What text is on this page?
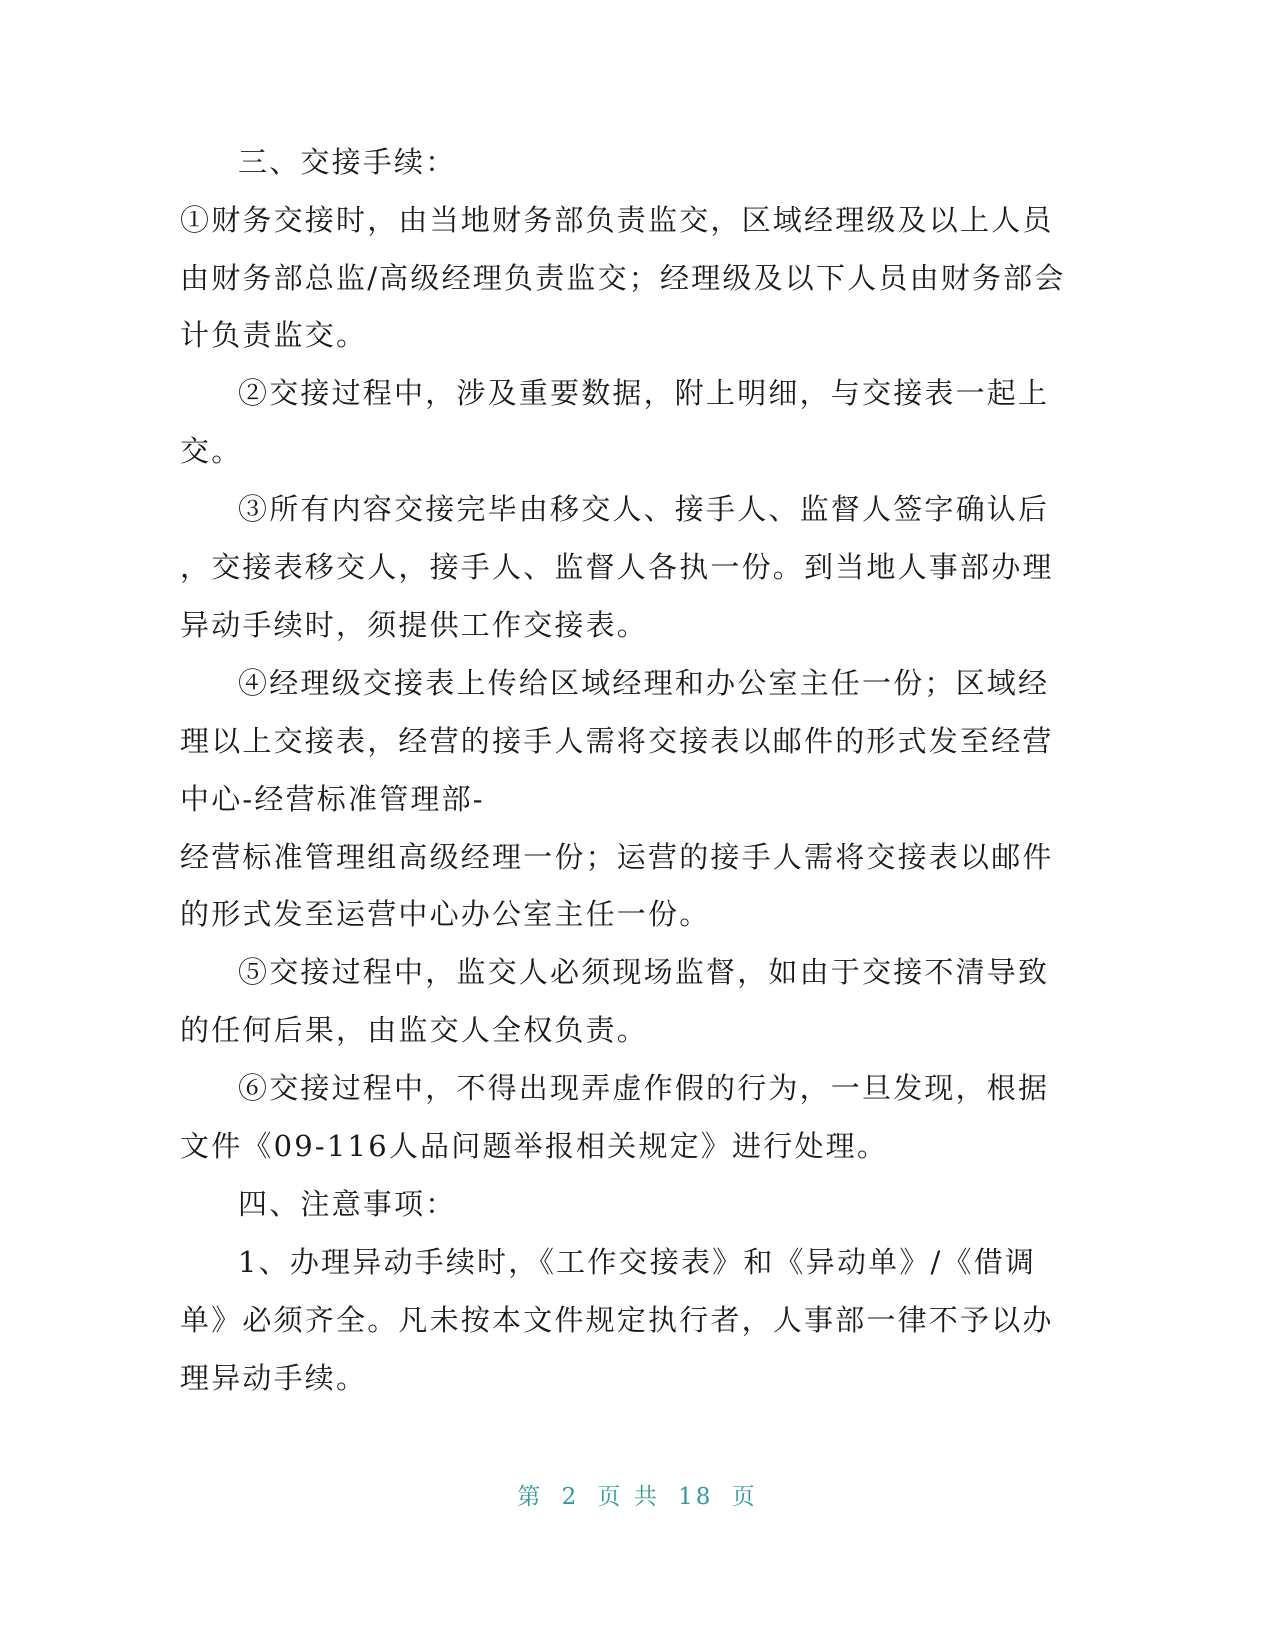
三、交接手续：
①财务交接时，由当地财务部负责监交，区域经理级及以上人员
由财务部总监/高级经理负责监交；经理级及以下人员由财务部会
计负责监交。
②交接过程中，涉及重要数据，附上明细，与交接表一起上
交。
③所有内容交接完毕由移交人、接手人、监督人签字确认后
，交接表移交人，接手人、监督人各执一份。到当地人事部办理
异动手续时，须提供工作交接表。
④经理级交接表上传给区域经理和办公室主任一份；区域经
理以上交接表，经营的接手人需将交接表以邮件的形式发至经营
中心-经营标准管理部-
经营标准管理组高级经理一份；运营的接手人需将交接表以邮件
的形式发至运营中心办公室主任一份。
⑤交接过程中，监交人必须现场监督，如由于交接不清导致
的任何后果，由监交人全权负责。
⑥交接过程中，不得出现弄虚作假的行为，一旦发现，根据
文件《09-116人品问题举报相关规定》进行处理。
四、注意事项：
1、办理异动手续时，《工作交接表》和《异动单》/《借调
单》必须齐全。凡未按本文件规定执行者，人事部一律不予以办
理异动手续。
第 2 页 共 18 页
